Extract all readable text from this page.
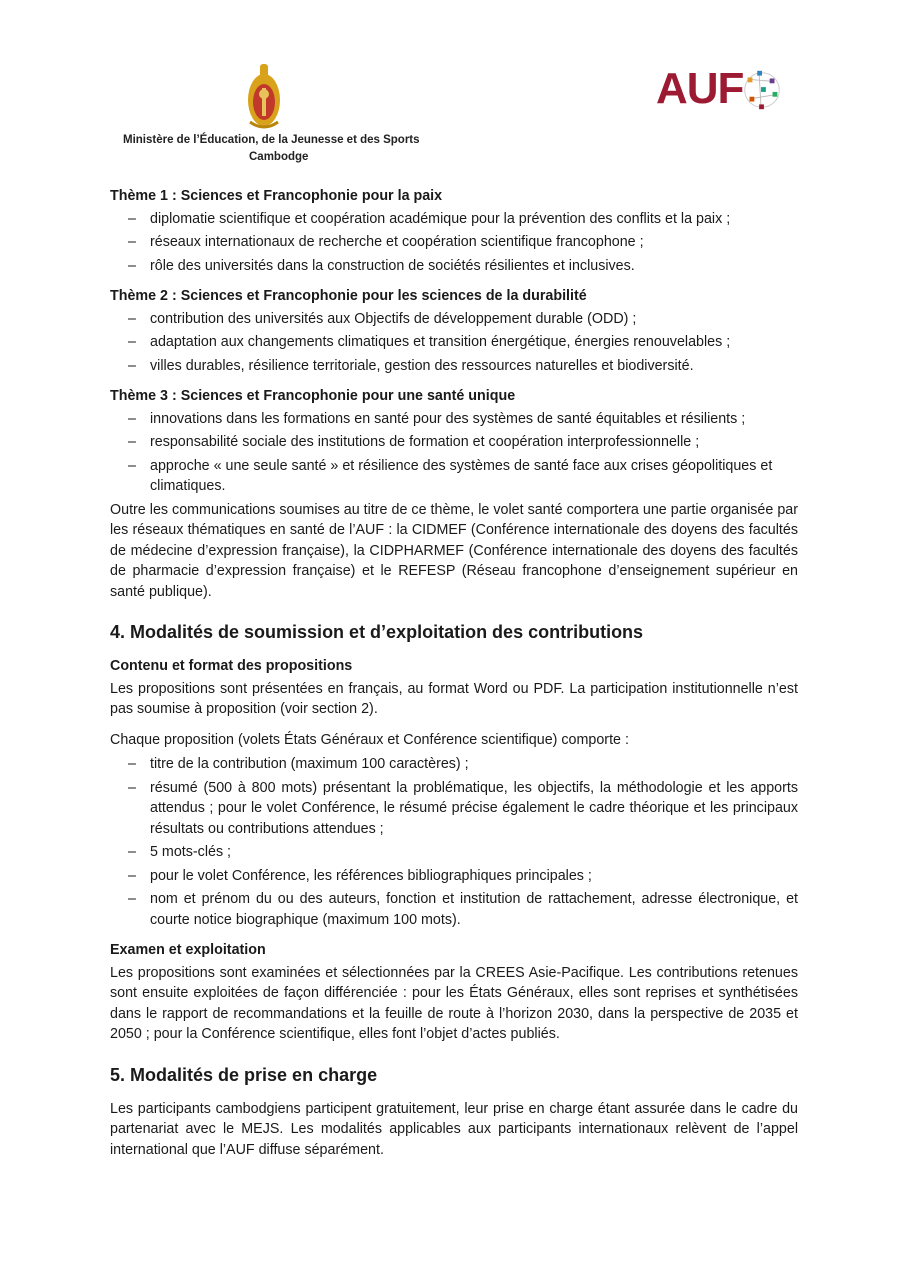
Ministère de l’Éducation, de la Jeunesse et des Sports
Cambodge
AUF

Thème 1 : Sciences et Francophonie pour la paix

– diplomatie scientifique et coopération académique pour la prévention des conflits et la paix ;
– réseaux internationaux de recherche et coopération scientifique francophone ;
– rôle des universités dans la construction de sociétés résilientes et inclusives.

Thème 2 : Sciences et Francophonie pour les sciences de la durabilité

– contribution des universités aux Objectifs de développement durable (ODD) ;
– adaptation aux changements climatiques et transition énergétique, énergies renouvelables ;
– villes durables, résilience territoriale, gestion des ressources naturelles et biodiversité.

Thème 3 : Sciences et Francophonie pour une santé unique

– innovations dans les formations en santé pour des systèmes de santé équitables et résilients ;
– responsabilité sociale des institutions de formation et coopération interprofessionnelle ;
– approche « une seule santé » et résilience des systèmes de santé face aux crises géopolitiques et climatiques.

Outre les communications soumises au titre de ce thème, le volet santé comportera une partie organisée par les réseaux thématiques en santé de l’AUF : la CIDMEF (Conférence internationale des doyens des facultés de médecine d’expression française), la CIDPHARMEF (Conférence internationale des doyens des facultés de pharmacie d’expression française) et le REFESP (Réseau francophone d’enseignement supérieur en santé publique).

4. Modalités de soumission et d’exploitation des contributions

Contenu et format des propositions

Les propositions sont présentées en français, au format Word ou PDF. La participation institutionnelle n’est pas soumise à proposition (voir section 2).

Chaque proposition (volets États Généraux et Conférence scientifique) comporte :

– titre de la contribution (maximum 100 caractères) ;
– résumé (500 à 800 mots) présentant la problématique, les objectifs, la méthodologie et les apports attendus ; pour le volet Conférence, le résumé précise également le cadre théorique et les principaux résultats ou contributions attendues ;
– 5 mots-clés ;
– pour le volet Conférence, les références bibliographiques principales ;
– nom et prénom du ou des auteurs, fonction et institution de rattachement, adresse électronique, et courte notice biographique (maximum 100 mots).

Examen et exploitation

Les propositions sont examinées et sélectionnées par la CREES Asie-Pacifique. Les contributions retenues sont ensuite exploitées de façon différenciée : pour les États Généraux, elles sont reprises et synthétisées dans le rapport de recommandations et la feuille de route à l’horizon 2030, dans la perspective de 2035 et 2050 ; pour la Conférence scientifique, elles font l’objet d’actes publiés.

5. Modalités de prise en charge

Les participants cambodgiens participent gratuitement, leur prise en charge étant assurée dans le cadre du partenariat avec le MEJS. Les modalités applicables aux participants internationaux relèvent de l’appel international que l’AUF diffuse séparément.
